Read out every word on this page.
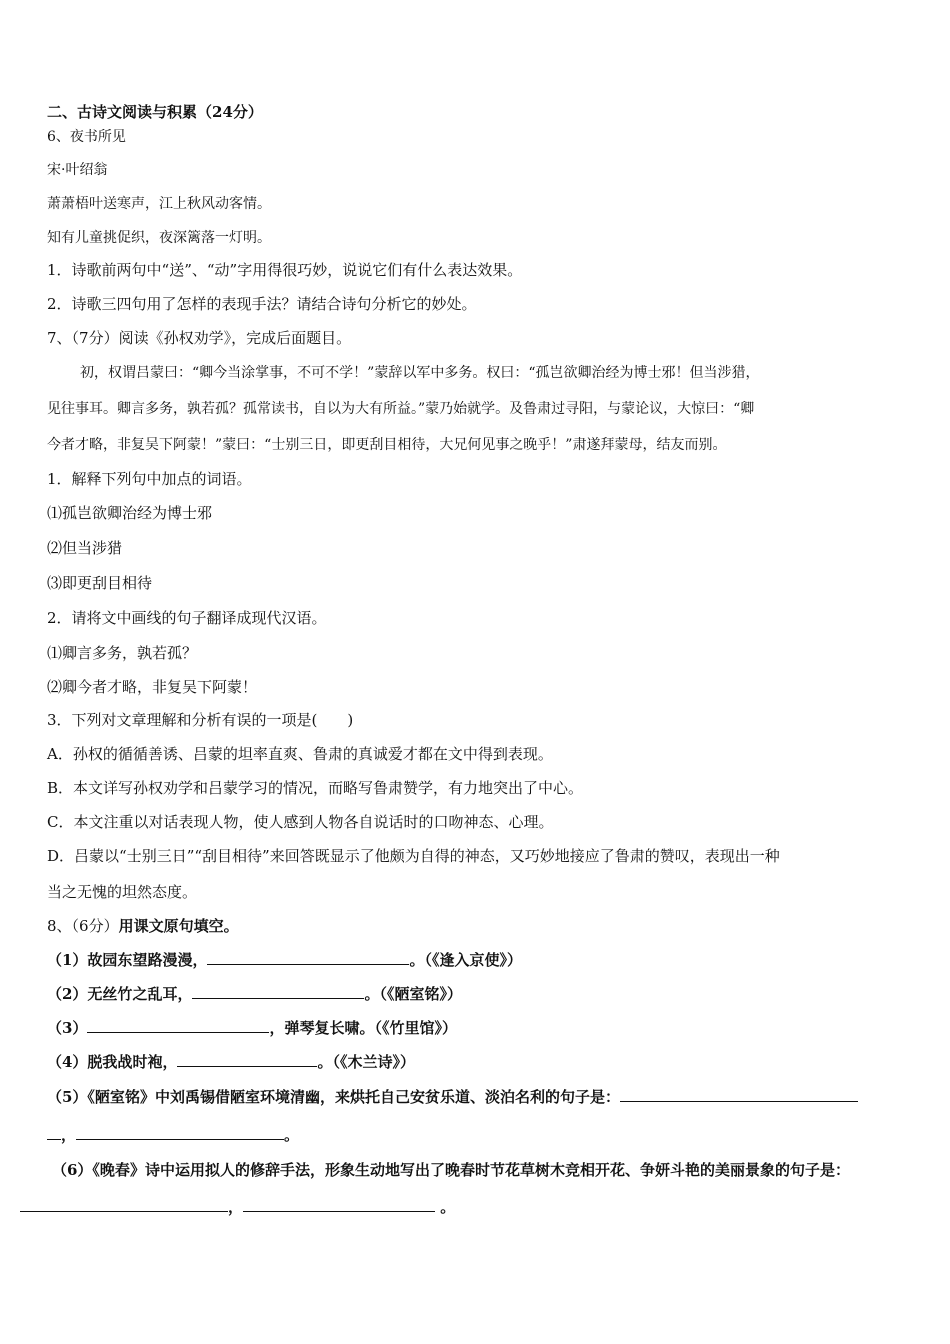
二、古诗文阅读与积累（24分）
6、夜书所见
宋·叶绍翁
萧萧梧叶送寒声，江上秋风动客情。
知有儿童挑促织，夜深篱落一灯明。
1．诗歌前两句中“送”、“动”字用得很巧妙，说说它们有什么表达效果。
2．诗歌三四句用了怎样的表现手法？请结合诗句分析它的妙处。
7、（7分）阅读《孙权劝学》，完成后面题目。
初，权谓吕蒙曰：“卿今当涂掌事，不可不学！”蒙辞以军中多务。权曰：“孤岂欲卿治经为博士邪！但当涉猎，
见往事耳。卿言多务，孰若孤？孤常读书，自以为大有所益。”蒙乃始就学。及鲁肃过寻阳，与蒙论议，大惊曰：“卿
今者才略，非复吴下阿蒙！”蒙曰：“士别三日，即更刮目相待，大兄何见事之晚乎！”肃遂拜蒙母，结友而别。
1．解释下列句中加点的词语。
⑴孤岂欲卿治经为博士邪
⑵但当涉猎
⑶即更刮目相待
2．请将文中画线的句子翻译成现代汉语。
⑴卿言多务，孰若孤？
⑵卿今者才略，非复吴下阿蒙！
3．下列对文章理解和分析有误的一项是(　　)
A．孙权的循循善诱、吕蒙的坦率直爽、鲁肃的真诚爱才都在文中得到表现。
B．本文详写孙权劝学和吕蒙学习的情况，而略写鲁肃赞学，有力地突出了中心。
C．本文注重以对话表现人物，使人感到人物各自说话时的口吻神态、心理。
D．吕蒙以“士别三日”“刮目相待”来回答既显示了他颇为自得的神态，又巧妙地接应了鲁肃的赞叹，表现出一种
当之无愧的坦然态度。
8、（6分）用课文原句填空。
（1）故园东望路漫漫，	。（《逢入京使》）
（2）无丝竹之乱耳，	。（《陋室铭》）
（3）	，弹琴复长啸。（《竹里馆》）
（4）脱我战时袍，	。（《木兰诗》）
（5）《陋室铭》中刘禹锡借陋室环境清幽，来烘托自己安贫乐道、淡泊名利的句子是：
，	。
（6）《晚春》诗中运用拟人的修辞手法，形象生动地写出了晚春时节花草树木竞相开花、争妍斗艳的美丽景象的句子是：
，	。
